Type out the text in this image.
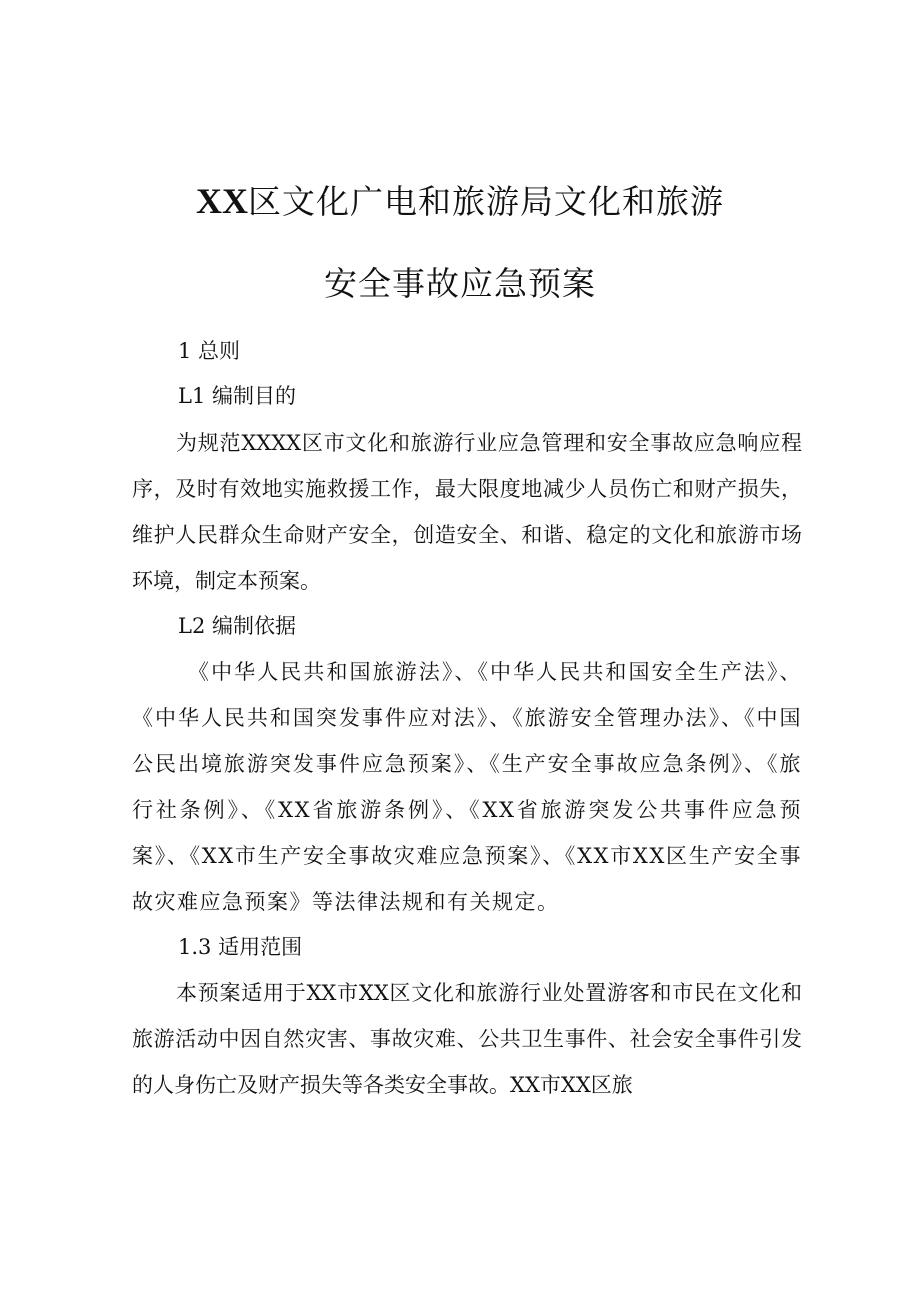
XX区文化广电和旅游局文化和旅游
安全事故应急预案
1 总则
L1 编制目的
为规范XXXX区市文化和旅游行业应急管理和安全事故应急响应程序，及时有效地实施救援工作，最大限度地减少人员伤亡和财产损失，维护人民群众生命财产安全，创造安全、和谐、稳定的文化和旅游市场环境，制定本预案。
L2 编制依据
《中华人民共和国旅游法》、《中华人民共和国安全生产法》、《中华人民共和国突发事件应对法》、《旅游安全管理办法》、《中国公民出境旅游突发事件应急预案》、《生产安全事故应急条例》、《旅行社条例》、《XX省旅游条例》、《XX省旅游突发公共事件应急预案》、《XX市生产安全事故灾难应急预案》、《XX市XX区生产安全事故灾难应急预案》等法律法规和有关规定。
1.3 适用范围
本预案适用于XX市XX区文化和旅游行业处置游客和市民在文化和旅游活动中因自然灾害、事故灾难、公共卫生事件、社会安全事件引发的人身伤亡及财产损失等各类安全事故。XX市XX区旅
